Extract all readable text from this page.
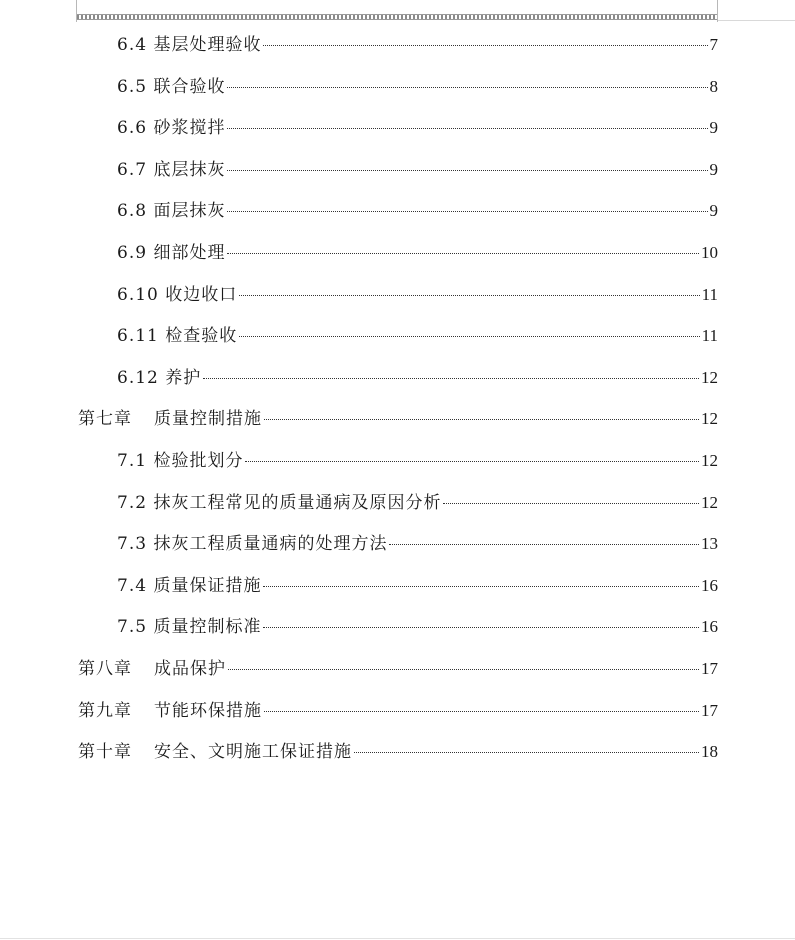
6.4 基层处理验收	7
6.5 联合验收	8
6.6 砂浆搅拌	9
6.7 底层抹灰	9
6.8 面层抹灰	9
6.9 细部处理	10
6.10 收边收口	11
6.11 检查验收	11
6.12 养护	12
第七章 质量控制措施	12
7.1 检验批划分	12
7.2 抹灰工程常见的质量通病及原因分析	12
7.3 抹灰工程质量通病的处理方法	13
7.4 质量保证措施	16
7.5 质量控制标准	16
第八章 成品保护	17
第九章 节能环保措施	17
第十章 安全、文明施工保证措施	18
